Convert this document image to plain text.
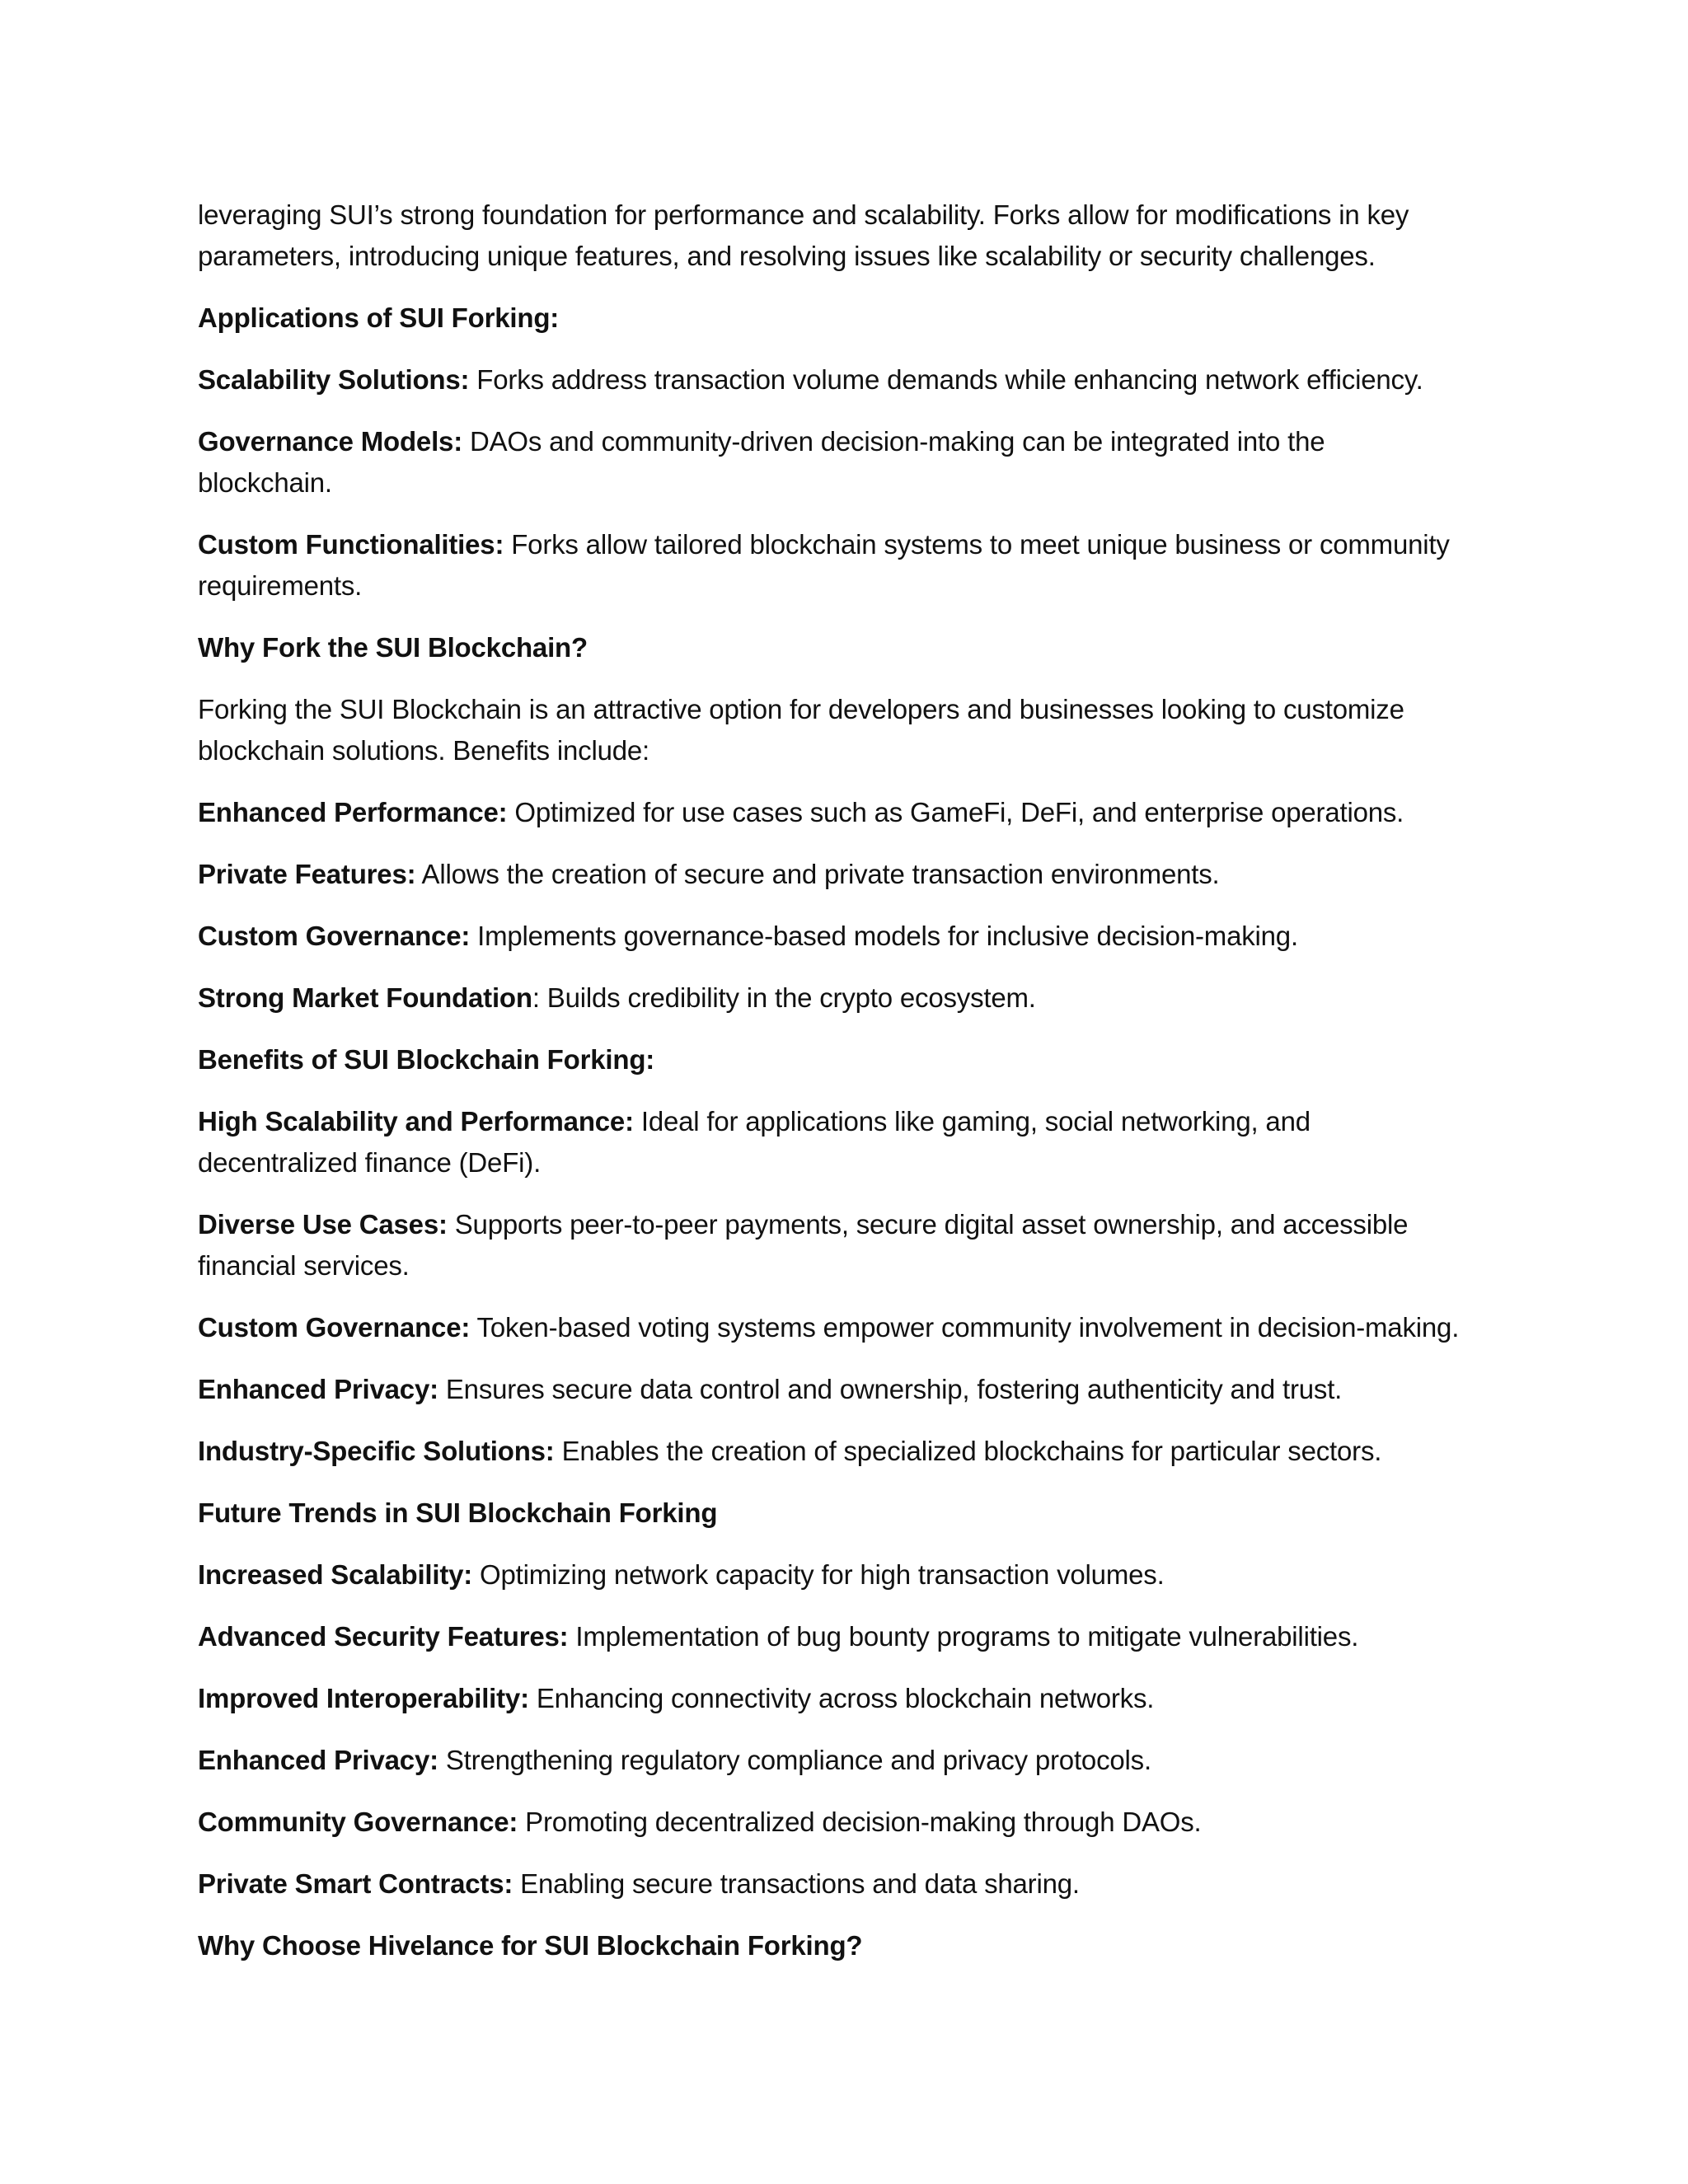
leveraging SUI’s strong foundation for performance and scalability. Forks allow for modifications in key
parameters, introducing unique features, and resolving issues like scalability or security challenges.

Applications of SUI Forking:

Scalability Solutions: Forks address transaction volume demands while enhancing network efficiency.

Governance Models: DAOs and community-driven decision-making can be integrated into the blockchain.

Custom Functionalities: Forks allow tailored blockchain systems to meet unique business or community requirements.

Why Fork the SUI Blockchain?

Forking the SUI Blockchain is an attractive option for developers and businesses looking to customize blockchain solutions. Benefits include:

Enhanced Performance: Optimized for use cases such as GameFi, DeFi, and enterprise operations.

Private Features: Allows the creation of secure and private transaction environments.

Custom Governance: Implements governance-based models for inclusive decision-making.

Strong Market Foundation: Builds credibility in the crypto ecosystem.

Benefits of SUI Blockchain Forking:

High Scalability and Performance: Ideal for applications like gaming, social networking, and decentralized finance (DeFi).

Diverse Use Cases: Supports peer-to-peer payments, secure digital asset ownership, and accessible financial services.

Custom Governance: Token-based voting systems empower community involvement in decision-making.

Enhanced Privacy: Ensures secure data control and ownership, fostering authenticity and trust.

Industry-Specific Solutions: Enables the creation of specialized blockchains for particular sectors.

Future Trends in SUI Blockchain Forking

Increased Scalability: Optimizing network capacity for high transaction volumes.

Advanced Security Features: Implementation of bug bounty programs to mitigate vulnerabilities.

Improved Interoperability: Enhancing connectivity across blockchain networks.

Enhanced Privacy: Strengthening regulatory compliance and privacy protocols.

Community Governance: Promoting decentralized decision-making through DAOs.

Private Smart Contracts: Enabling secure transactions and data sharing.

Why Choose Hivelance for SUI Blockchain Forking?
